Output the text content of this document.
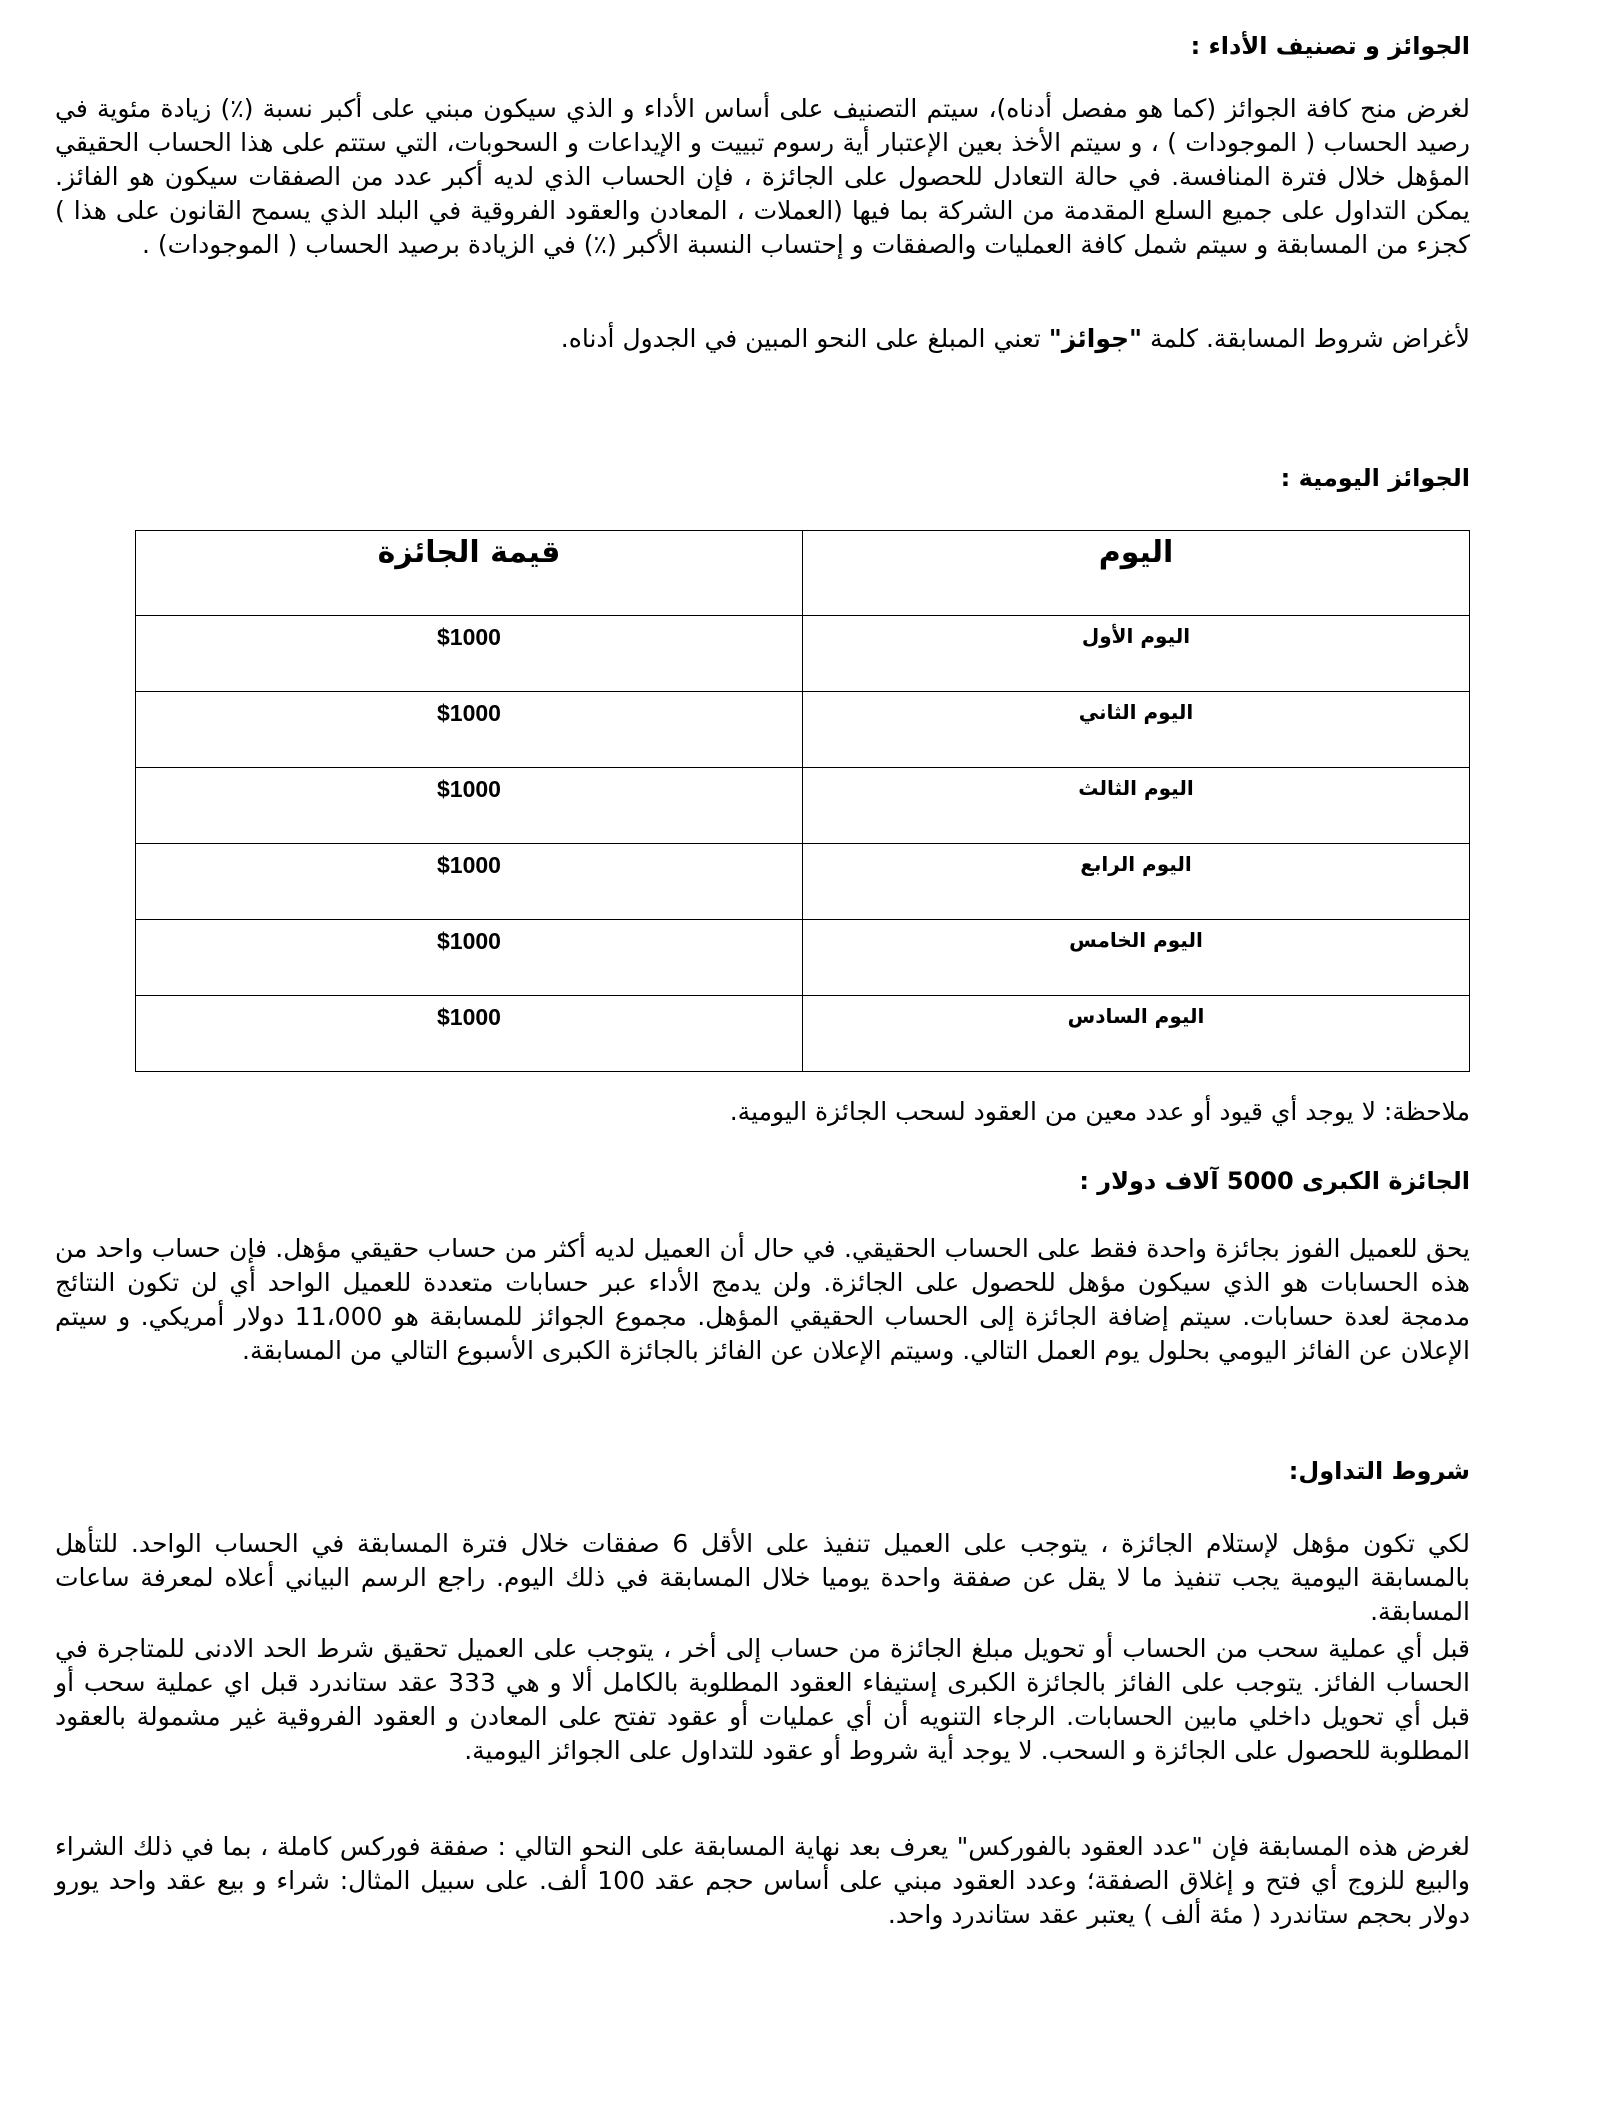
الجوائز و تصنيف الأداء :

لغرض منح كافة الجوائز (كما هو مفصل أدناه)، سيتم التصنيف على أساس الأداء و الذي سيكون مبني على أكبر نسبة (٪) زيادة مئوية في رصيد الحساب ( الموجودات ) ، و سيتم الأخذ بعين الإعتبار أية رسوم تبييت و الإيداعات و السحوبات، التي ستتم على هذا الحساب الحقيقي المؤهل خلال فترة المنافسة. في حالة التعادل للحصول على الجائزة ، فإن الحساب الذي لديه أكبر عدد من الصفقات سيكون هو الفائز. يمكن التداول على جميع السلع المقدمة من الشركة بما فيها (العملات ، المعادن والعقود الفروقية في البلد الذي يسمح القانون على هذا ) كجزء من المسابقة و سيتم شمل كافة العمليات والصفقات و إحتساب النسبة الأكبر (٪) في الزيادة برصيد الحساب ( الموجودات) .

لأغراض شروط المسابقة. كلمة "جوائز" تعني المبلغ على النحو المبين في الجدول أدناه.

الجوائز اليومية :
اليوم	قيمة الجائزة
اليوم الأول	$1000
اليوم الثاني	$1000
اليوم الثالث	$1000
اليوم الرابع	$1000
اليوم الخامس	$1000
اليوم السادس	$1000

ملاحظة: لا يوجد أي قيود أو عدد معين من العقود لسحب الجائزة اليومية.

الجائزة الكبرى 5000 آلاف دولار :

يحق للعميل الفوز بجائزة واحدة فقط على الحساب الحقيقي. في حال أن العميل لديه أكثر من حساب حقيقي مؤهل. فإن حساب واحد من هذه الحسابات هو الذي سيكون مؤهل للحصول على الجائزة. ولن يدمج الأداء عبر حسابات متعددة للعميل الواحد أي لن تكون النتائج مدمجة لعدة حسابات. سيتم إضافة الجائزة إلى الحساب الحقيقي المؤهل. مجموع الجوائز للمسابقة هو 11،000 دولار أمريكي. و سيتم الإعلان عن الفائز اليومي بحلول يوم العمل التالي. وسيتم الإعلان عن الفائز بالجائزة الكبرى الأسبوع التالي من المسابقة.

شروط التداول:

لكي تكون مؤهل لإستلام الجائزة ، يتوجب على العميل تنفيذ على الأقل 6 صفقات خلال فترة المسابقة في الحساب الواحد. للتأهل بالمسابقة اليومية يجب تنفيذ ما لا يقل عن صفقة واحدة يوميا خلال المسابقة في ذلك اليوم. راجع الرسم البياني أعلاه لمعرفة ساعات المسابقة.

قبل أي عملية سحب من الحساب أو تحويل مبلغ الجائزة من حساب إلى أخر ، يتوجب على العميل تحقيق شرط الحد الادنى للمتاجرة في الحساب الفائز. يتوجب على الفائز بالجائزة الكبرى إستيفاء العقود المطلوبة بالكامل ألا و هي 333 عقد ستاندرد قبل اي عملية سحب أو قبل أي تحويل داخلي مابين الحسابات. الرجاء التنويه أن أي عمليات أو عقود تفتح على المعادن و العقود الفروقية غير مشمولة بالعقود المطلوبة للحصول على الجائزة و السحب. لا يوجد أية شروط أو عقود للتداول على الجوائز اليومية.

لغرض هذه المسابقة فإن "عدد العقود بالفوركس" يعرف بعد نهاية المسابقة على النحو التالي : صفقة فوركس كاملة ، بما في ذلك الشراء والبيع للزوج أي فتح و إغلاق الصفقة؛ وعدد العقود مبني على أساس حجم عقد 100 ألف. على سبيل المثال: شراء و بيع عقد واحد يورو دولار بحجم ستاندرد ( مئة ألف ) يعتبر عقد ستاندرد واحد.
